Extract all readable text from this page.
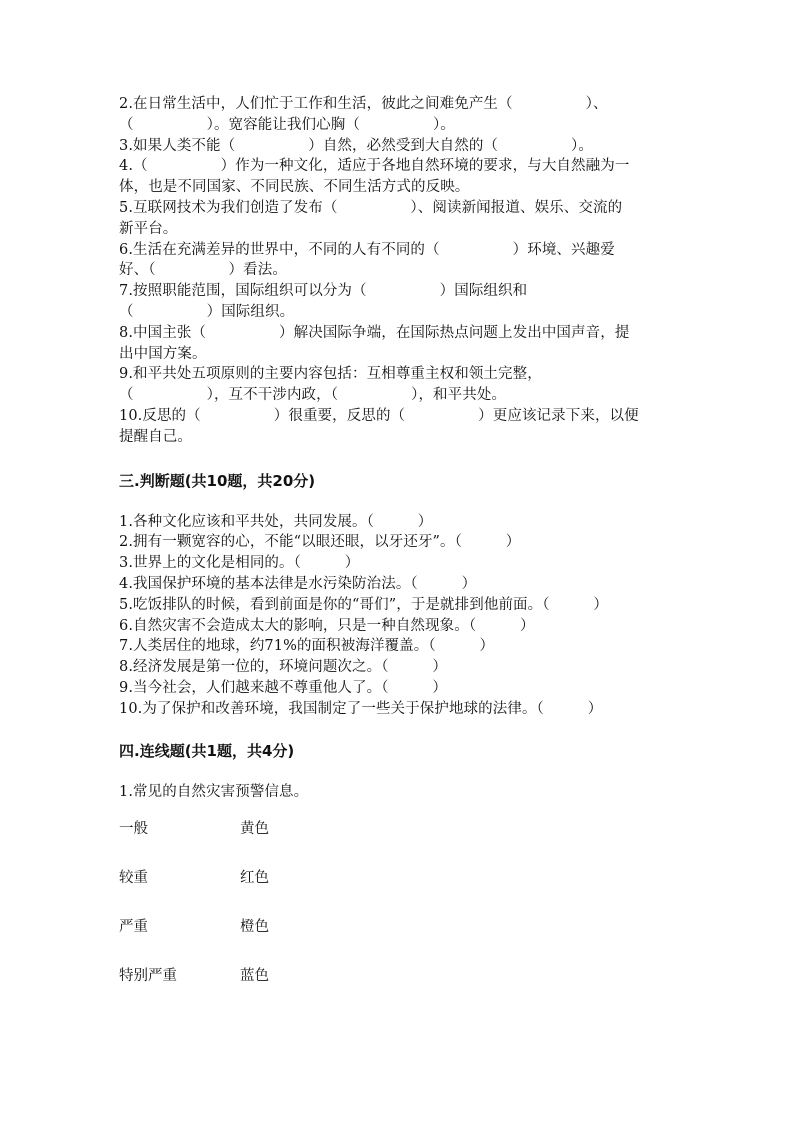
2.在日常生活中，人们忙于工作和生活，彼此之间难免产生（　　　　　）、
（　　　　　）。宽容能让我们心胸（　　　　　）。
3.如果人类不能（　　　　　）自然，必然受到大自然的（　　　　　）。
4.（　　　　　）作为一种文化，适应于各地自然环境的要求，与大自然融为一
体，也是不同国家、不同民族、不同生活方式的反映。
5.互联网技术为我们创造了发布（　　　　　）、阅读新闻报道、娱乐、交流的
新平台。
6.生活在充满差异的世界中，不同的人有不同的（　　　　　）环境、兴趣爱
好、（　　　　　）看法。
7.按照职能范围，国际组织可以分为（　　　　　）国际组织和
（　　　　　）国际组织。
8.中国主张（　　　　　）解决国际争端，在国际热点问题上发出中国声音，提
出中国方案。
9.和平共处五项原则的主要内容包括：互相尊重主权和领土完整，
（　　　　　），互不干涉内政，（　　　　　），和平共处。
10.反思的（　　　　　）很重要，反思的（　　　　　）更应该记录下来，以便
提醒自己。
三.判断题(共10题，共20分)
1.各种文化应该和平共处，共同发展。（　　　）
2.拥有一颗宽容的心，不能“以眼还眼，以牙还牙”。（　　　）
3.世界上的文化是相同的。（　　　）
4.我国保护环境的基本法律是水污染防治法。（　　　）
5.吃饭排队的时候，看到前面是你的“哥们”，于是就排到他前面。（　　　）
6.自然灾害不会造成太大的影响，只是一种自然现象。（　　　）
7.人类居住的地球，约71%的面积被海洋覆盖。（　　　）
8.经济发展是第一位的，环境问题次之。（　　　）
9.当今社会，人们越来越不尊重他人了。（　　　）
10.为了保护和改善环境，我国制定了一些关于保护地球的法律。（　　　）
四.连线题(共1题，共4分)
1.常见的自然灾害预警信息。
一般	黄色
较重	红色
严重	橙色
特别严重	蓝色
